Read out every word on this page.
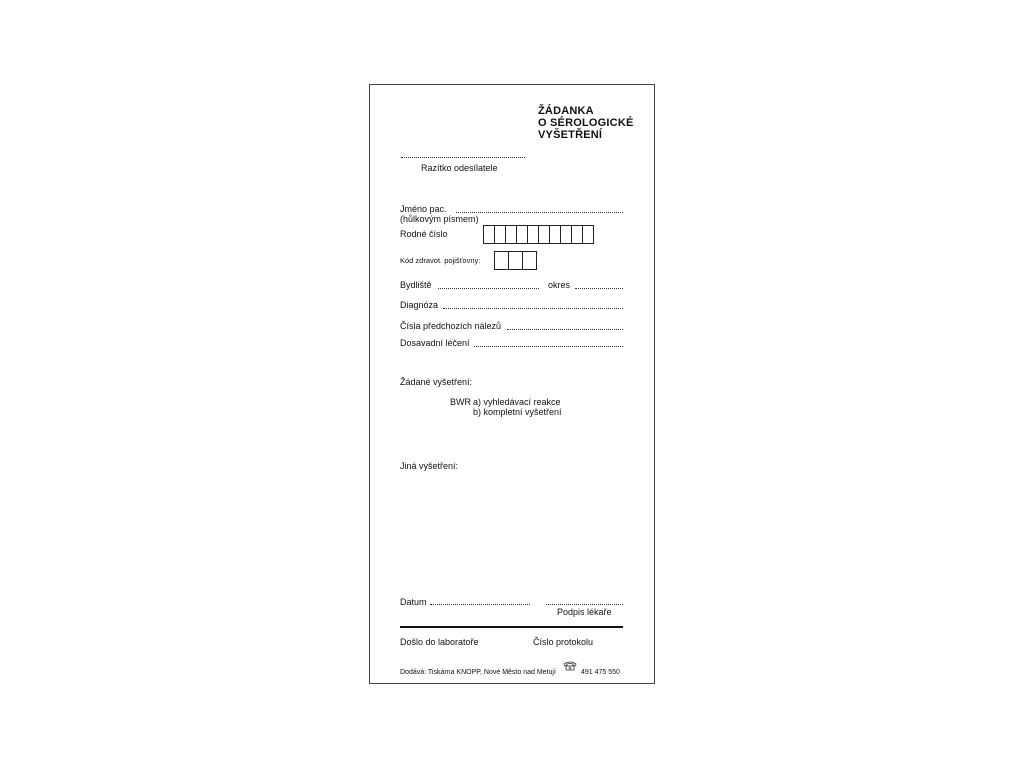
ŽÁDANKA
O SÉROLOGICKÉ
VYŠETŘENÍ
Razítko odesílatele
Jméno pac.
(hůlkovým písmem)
Rodné číslo
Kód zdravot. pojišťovny:
Bydliště	okres
Diagnóza
Čísla předchozích nálezů
Dosavadní léčení
Žádané vyšetření:
BWR a) vyhledávací reakce
b) kompletní vyšetření
Jiná vyšetření:
Datum
Podpis lékaře
Došlo do laboratoře	Číslo protokolu
Dodává: Tiskárna KNOPP, Nové Město nad Metují	491 475 550
